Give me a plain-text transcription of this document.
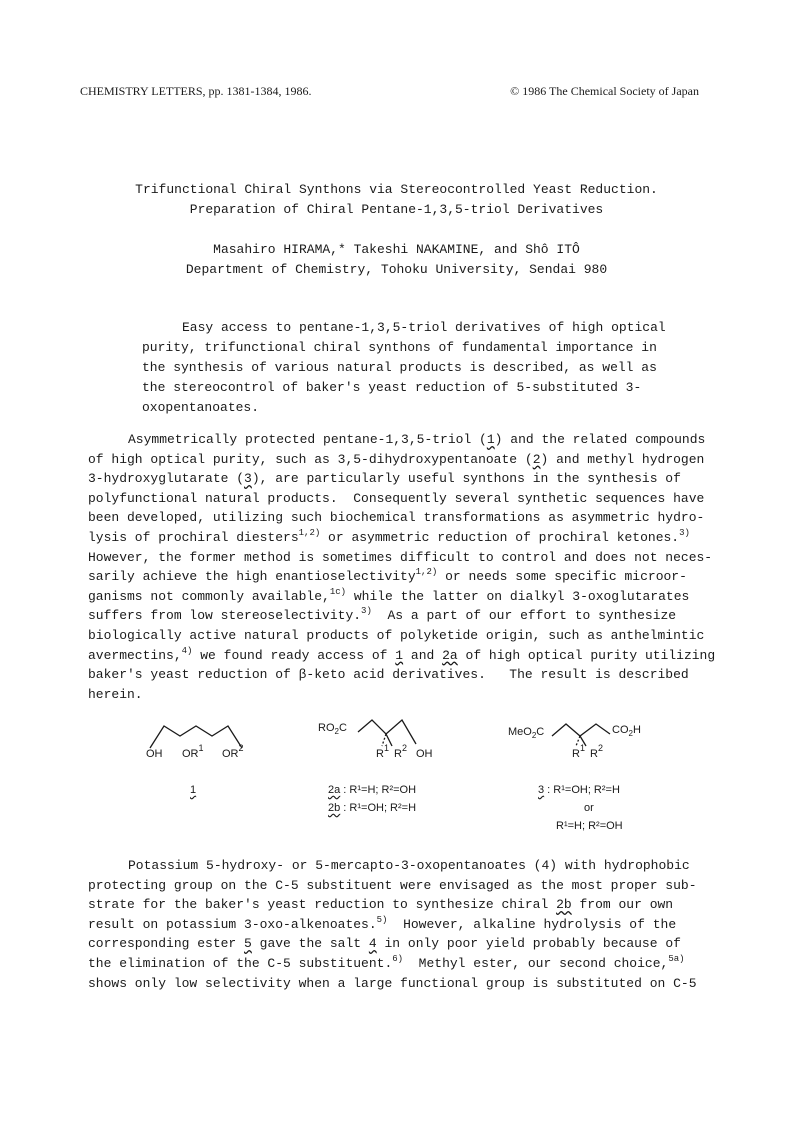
CHEMISTRY LETTERS, pp. 1381-1384, 1986.	© 1986 The Chemical Society of Japan
Trifunctional Chiral Synthons via Stereocontrolled Yeast Reduction.
Preparation of Chiral Pentane-1,3,5-triol Derivatives
Masahiro HIRAMA,* Takeshi NAKAMINE, and Shô ITÔ
Department of Chemistry, Tohoku University, Sendai 980
Easy access to pentane-1,3,5-triol derivatives of high optical
purity, trifunctional chiral synthons of fundamental importance in
the synthesis of various natural products is described, as well as
the stereocontrol of baker's yeast reduction of 5-substituted 3-
oxopentanoates.
Asymmetrically protected pentane-1,3,5-triol (1) and the related compounds
of high optical purity, such as 3,5-dihydroxypentanoate (2) and methyl hydrogen
3-hydroxyglutarate (3), are particularly useful synthons in the synthesis of
polyfunctional natural products.  Consequently several synthetic sequences have
been developed, utilizing such biochemical transformations as asymmetric hydro-
lysis of prochiral diesters$^{1,2)}$ or asymmetric reduction of prochiral ketones.$^{3)}$
However, the former method is sometimes difficult to control and does not neces-
sarily achieve the high enantioselectivity$^{1,2)}$ or needs some specific microor-
ganisms not commonly available,$^{1c)}$ while the latter on dialkyl 3-oxoglutarates
suffers from low stereoselectivity.$^{3)}$  As a part of our effort to synthesize
biologically active natural products of polyketide origin, such as anthelmintic
avermectins,$^{4)}$ we found ready access of 1 and 2a of high optical purity utilizing
baker's yeast reduction of β-keto acid derivatives.   The result is described
herein.
OH $OR^1$ $OR^2$
1
$RO_2C$
$R^1$ $R^2$ OH
2a : R¹=H; R²=OH
2b : R¹=OH; R²=H
MeO$_2$C	$CO_2H$
$R^1$ $R^2$
3 : R¹=OH; R²=H
or
R¹=H; R²=OH
Potassium 5-hydroxy- or 5-mercapto-3-oxopentanoates (4) with hydrophobic
protecting group on the C-5 substituent were envisaged as the most proper sub-
strate for the baker's yeast reduction to synthesize chiral 2b from our own
result on potassium 3-oxo-alkenoates.$^{5)}$  However, alkaline hydrolysis of the
corresponding ester 5 gave the salt 4 in only poor yield probably because of
the elimination of the C-5 substituent.$^{6)}$  Methyl ester, our second choice,$^{5a)}$
shows only low selectivity when a large functional group is substituted on C-5
